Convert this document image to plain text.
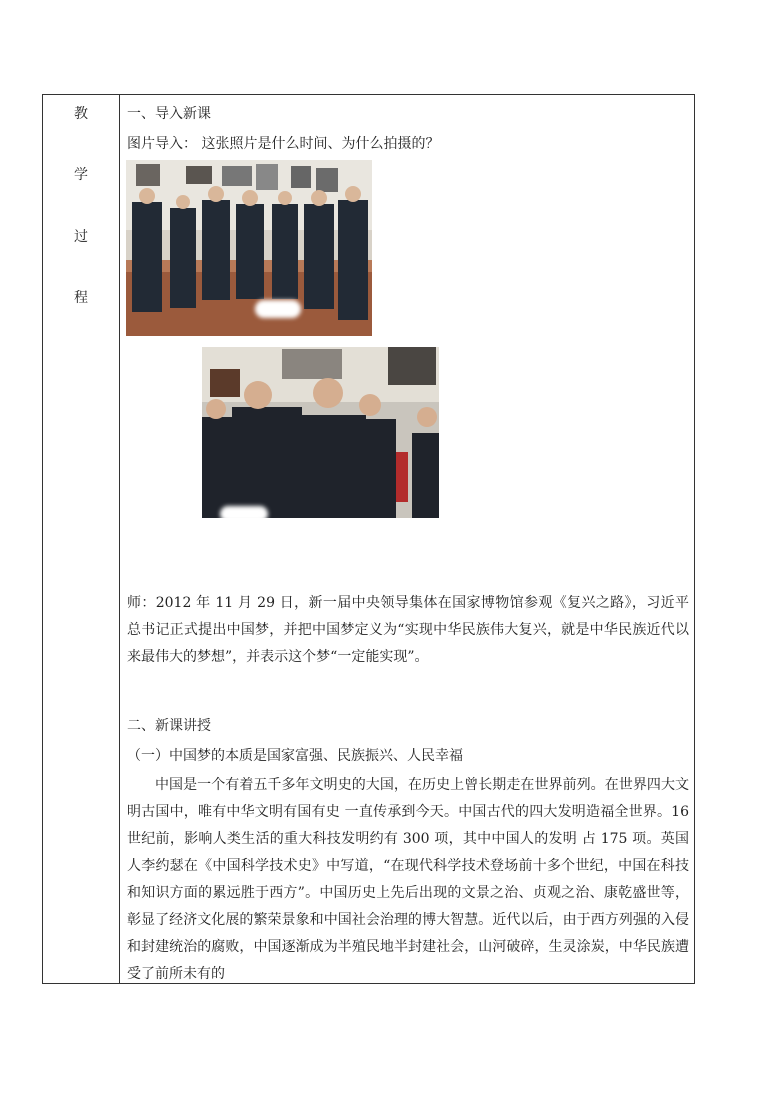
教
学
过
程
一、导入新课
图片导入： 这张照片是什么时间、为什么拍摄的？
师：2012 年 11 月 29 日，新一届中央领导集体在国家博物馆参观《复兴之路》，习近平总书记正式提出中国梦，并把中国梦定义为“实现中华民族伟大复兴，就是中华民族近代以来最伟大的梦想”，并表示这个梦“一定能实现”。
二、新课讲授
（一）中国梦的本质是国家富强、民族振兴、人民幸福
中国是一个有着五千多年文明史的大国，在历史上曾长期走在世界前列。在世界四大文明古国中，唯有中华文明有国有史 一直传承到今天。中国古代的四大发明造福全世界。16 世纪前，影响人类生活的重大科技发明约有 300 项，其中中国人的发明 占 175 项。英国人李约瑟在《中国科学技术史》中写道，“在现代科学技术登场前十多个世纪，中国在科技和知识方面的累远胜于西方”。中国历史上先后出现的文景之治、贞观之治、康乾盛世等，彰显了经济文化展的繁荣景象和中国社会治理的博大智慧。近代以后，由于西方列强的入侵和封建统治的腐败，中国逐渐成为半殖民地半封建社会，山河破碎，生灵涂炭，中华民族遭受了前所未有的
